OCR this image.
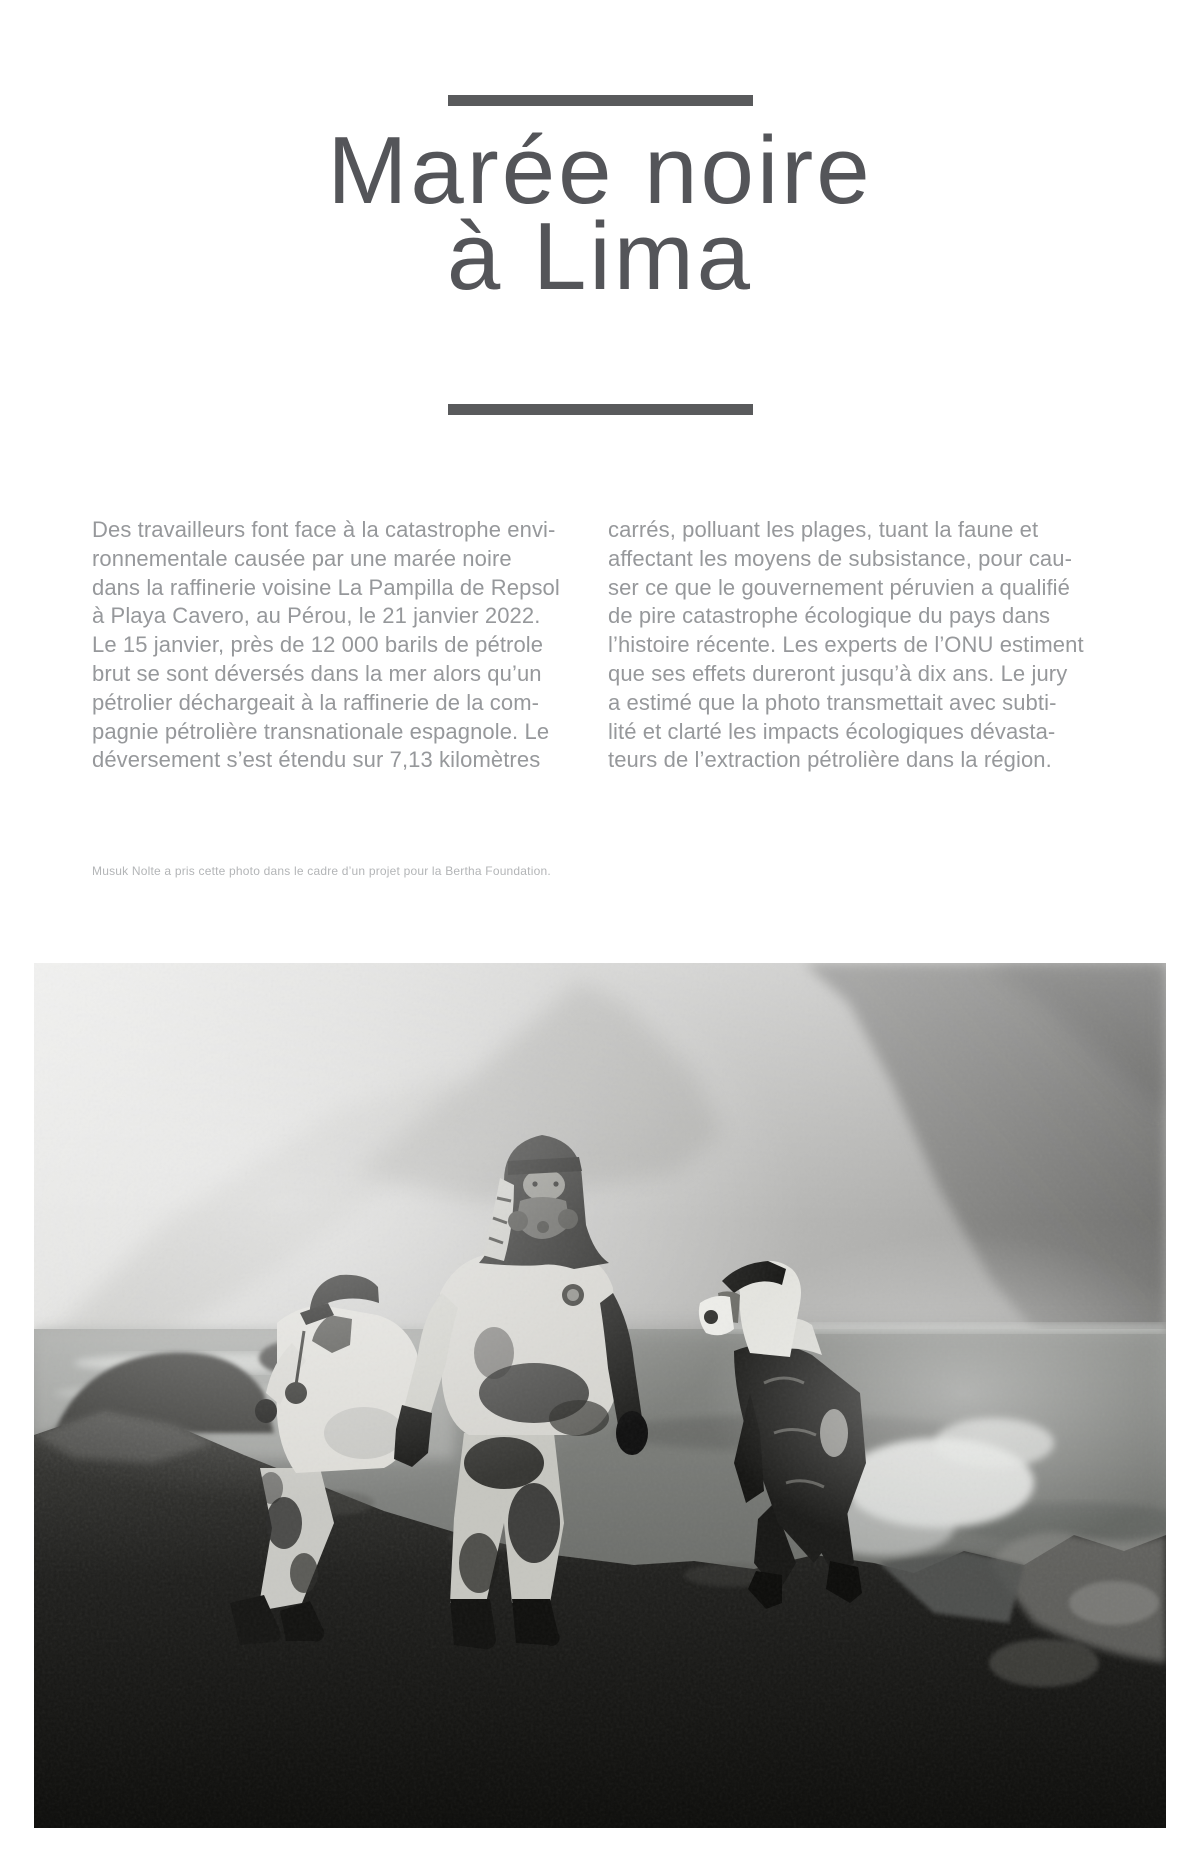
Marée noire
à Lima
Des travailleurs font face à la catastrophe envi-
ronnementale causée par une marée noire
dans la raffinerie voisine La Pampilla de Repsol
à Playa Cavero, au Pérou, le 21 janvier 2022.
Le 15 janvier, près de 12 000 barils de pétrole
brut se sont déversés dans la mer alors qu’un
pétrolier déchargeait à la raffinerie de la com-
pagnie pétrolière transnationale espagnole. Le
déversement s’est étendu sur 7,13 kilomètres
carrés, polluant les plages, tuant la faune et
affectant les moyens de subsistance, pour cau-
ser ce que le gouvernement péruvien a qualifié
de pire catastrophe écologique du pays dans
l’histoire récente. Les experts de l’ONU estiment
que ses effets dureront jusqu’à dix ans. Le jury
a estimé que la photo transmettait avec subti-
lité et clarté les impacts écologiques dévasta-
teurs de l’extraction pétrolière dans la région.
Musuk Nolte a pris cette photo dans le cadre d’un projet pour la Bertha Foundation.
